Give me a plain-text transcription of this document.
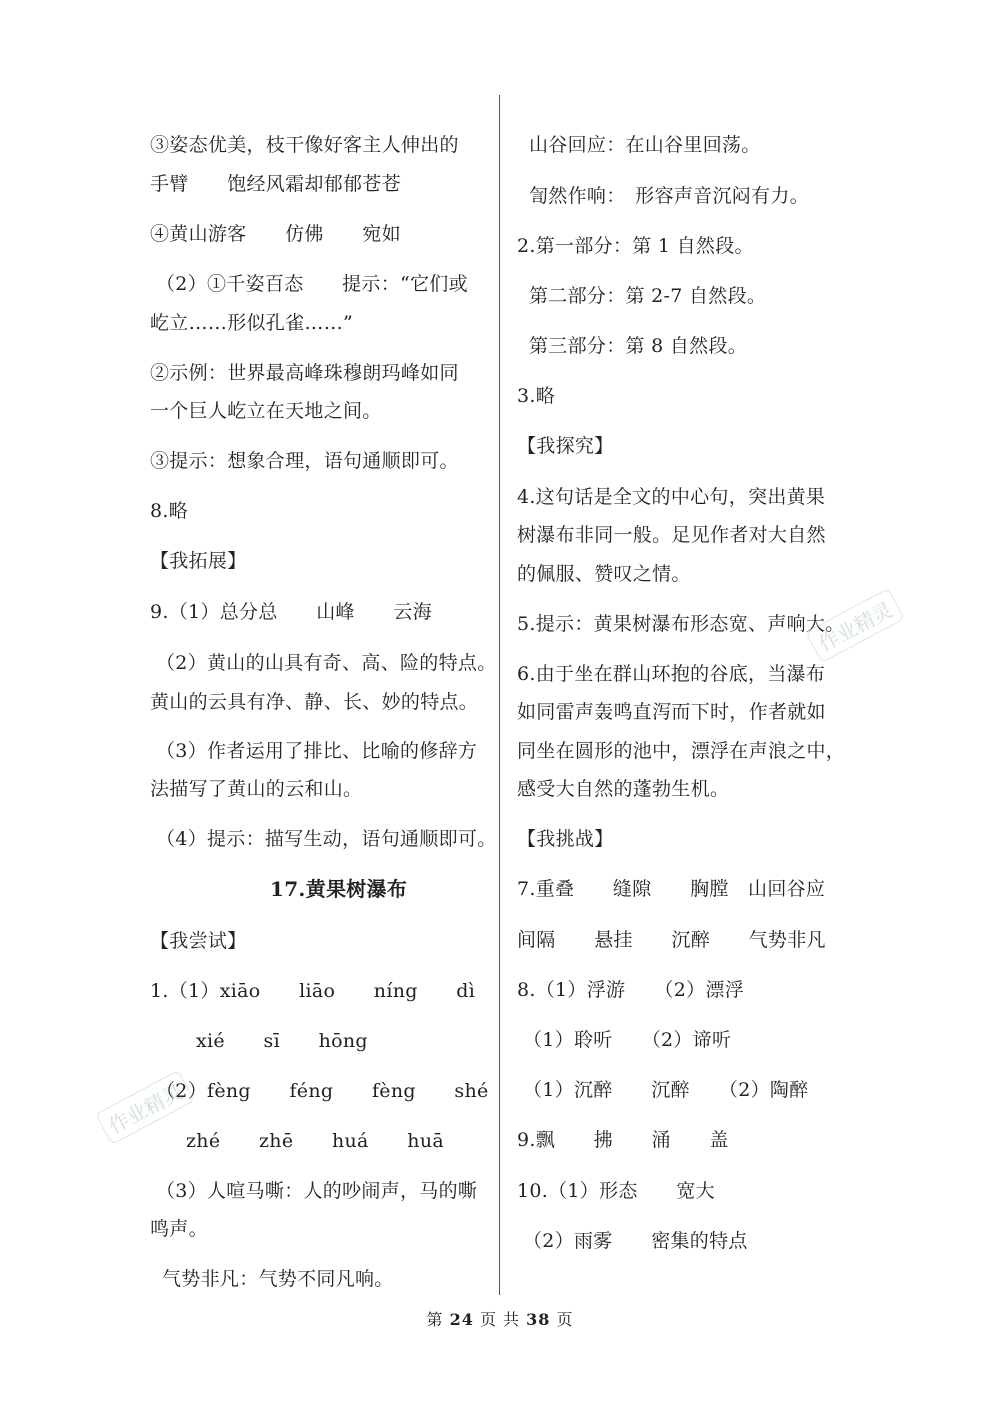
③姿态优美，枝干像好客主人伸出的
手臂　　饱经风霜却郁郁苍苍
④黄山游客　　仿佛　　宛如
（2）①千姿百态　　提示：“它们或
屹立……形似孔雀……”
②示例：世界最高峰珠穆朗玛峰如同
一个巨人屹立在天地之间。
③提示：想象合理，语句通顺即可。
8.略
【我拓展】
9.（1）总分总　　山峰　　云海
（2）黄山的山具有奇、高、险的特点。
黄山的云具有净、静、长、妙的特点。
（3）作者运用了排比、比喻的修辞方
法描写了黄山的云和山。
（4）提示：描写生动，语句通顺即可。
17.黄果树瀑布
【我尝试】
1.（1）xiāo　　liāo　　níng　　dì
xié　　sī　　hōng
（2）fèng　　féng　　fèng　　shé
zhé　　zhē　　huá　　huā
（3）人喧马嘶：人的吵闹声，马的嘶
鸣声。
气势非凡：气势不同凡响。
山谷回应：在山谷里回荡。
訇然作响：　形容声音沉闷有力。
2.第一部分：第 1 自然段。
第二部分：第 2-7 自然段。
第三部分：第 8 自然段。
3.略
【我探究】
4.这句话是全文的中心句，突出黄果
树瀑布非同一般。足见作者对大自然
的佩服、赞叹之情。
5.提示：黄果树瀑布形态宽、声响大。
6.由于坐在群山环抱的谷底，当瀑布
如同雷声轰鸣直泻而下时，作者就如
同坐在圆形的池中，漂浮在声浪之中，
感受大自然的蓬勃生机。
【我挑战】
7.重叠　　缝隙　　胸膛　山回谷应
间隔　　悬挂　　沉醉　　气势非凡
8.（1）浮游　　（2）漂浮
（1）聆听　　（2）谛听
（1）沉醉　　沉醉　　（2）陶醉
9.飘　　拂　　涌　　盖
10.（1）形态　　宽大
（2）雨雾　　密集的特点
第 24 页 共 38 页
作业精灵
作业精灵
